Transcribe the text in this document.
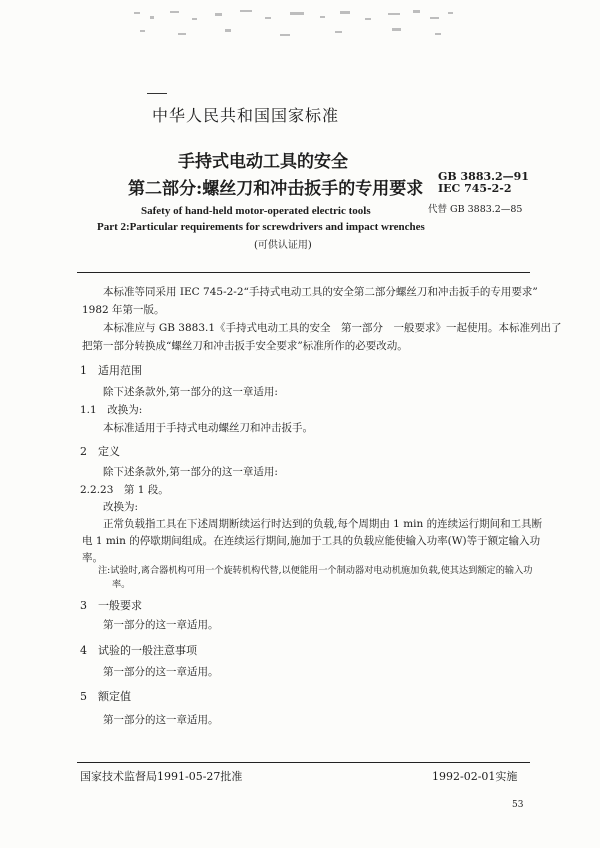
中华人民共和国国家标准
手持式电动工具的安全
第二部分:螺丝刀和冲击扳手的专用要求
GB 3883.2—91
IEC 745-2-2
代替 GB 3883.2—85
Safety of hand-held motor-operated electric tools
Part 2:Particular requirements for screwdrivers and impact wrenches
(可供认证用)
本标准等同采用 IEC 745-2-2“手持式电动工具的安全第二部分螺丝刀和冲击扳手的专用要求”
1982 年第一版。
本标准应与 GB 3883.1《手持式电动工具的安全　第一部分　一般要求》一起使用。本标准列出了
把第一部分转换成“螺丝刀和冲击扳手安全要求”标准所作的必要改动。
1　适用范围
除下述条款外,第一部分的这一章适用:
1.1　改换为:
本标准适用于手持式电动螺丝刀和冲击扳手。
2　定义
除下述条款外,第一部分的这一章适用:
2.2.23　第 1 段。
改换为:
正常负载指工具在下述周期断续运行时达到的负载,每个周期由 1 min 的连续运行期间和工具断
电 1 min 的停歇期间组成。在连续运行期间,施加于工具的负载应能使输入功率(W)等于额定输入功
率。
注:试验时,离合器机构可用一个旋转机构代替,以便能用一个制动器对电动机施加负载,使其达到额定的输入功
率。
3　一般要求
第一部分的这一章适用。
4　试验的一般注意事项
第一部分的这一章适用。
5　额定值
第一部分的这一章适用。
国家技术监督局1991-05-27批准	1992-02-01实施
53
